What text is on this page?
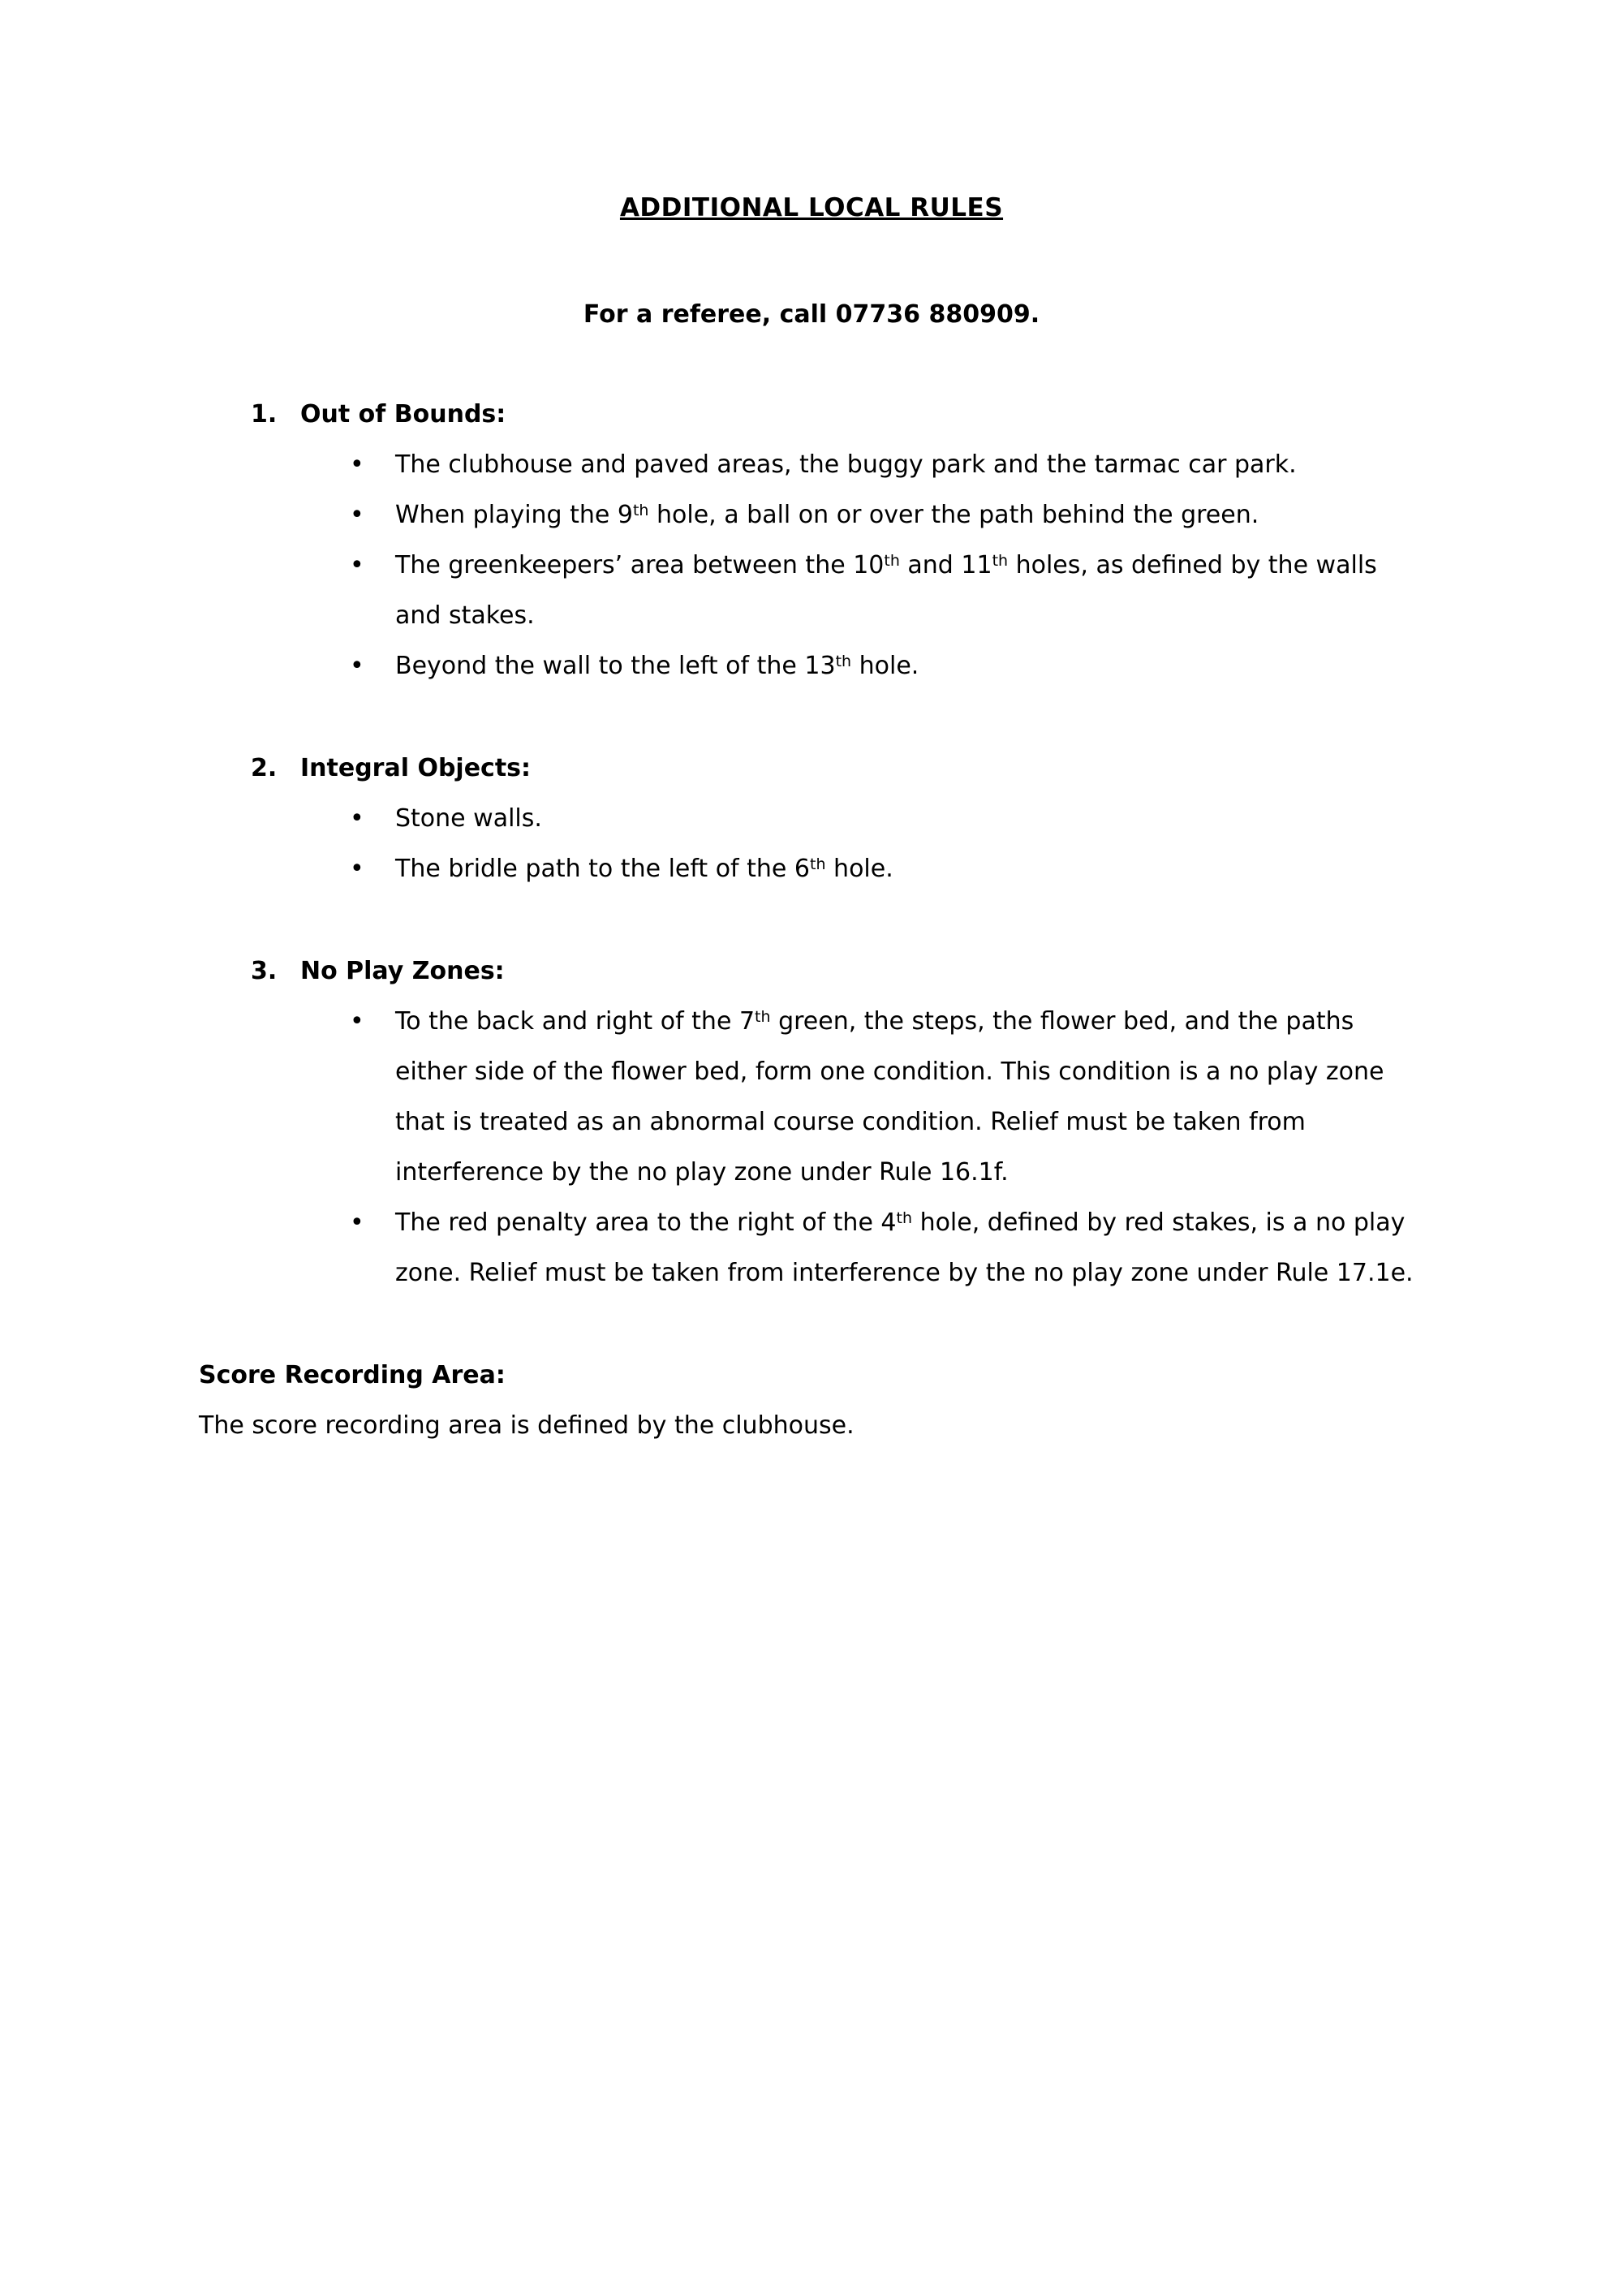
ADDITIONAL LOCAL RULES

For a referee, call 07736 880909.

1. Out of Bounds:
• The clubhouse and paved areas, the buggy park and the tarmac car park.
• When playing the 9th hole, a ball on or over the path behind the green.
• The greenkeepers’ area between the 10th and 11th holes, as defined by the walls and stakes.
• Beyond the wall to the left of the 13th hole.
2. Integral Objects:
• Stone walls.
• The bridle path to the left of the 6th hole.
3. No Play Zones:
• To the back and right of the 7th green, the steps, the flower bed, and the paths either side of the flower bed, form one condition. This condition is a no play zone that is treated as an abnormal course condition. Relief must be taken from interference by the no play zone under Rule 16.1f.
• The red penalty area to the right of the 4th hole, defined by red stakes, is a no play zone. Relief must be taken from interference by the no play zone under Rule 17.1e.

Score Recording Area:

The score recording area is defined by the clubhouse.
